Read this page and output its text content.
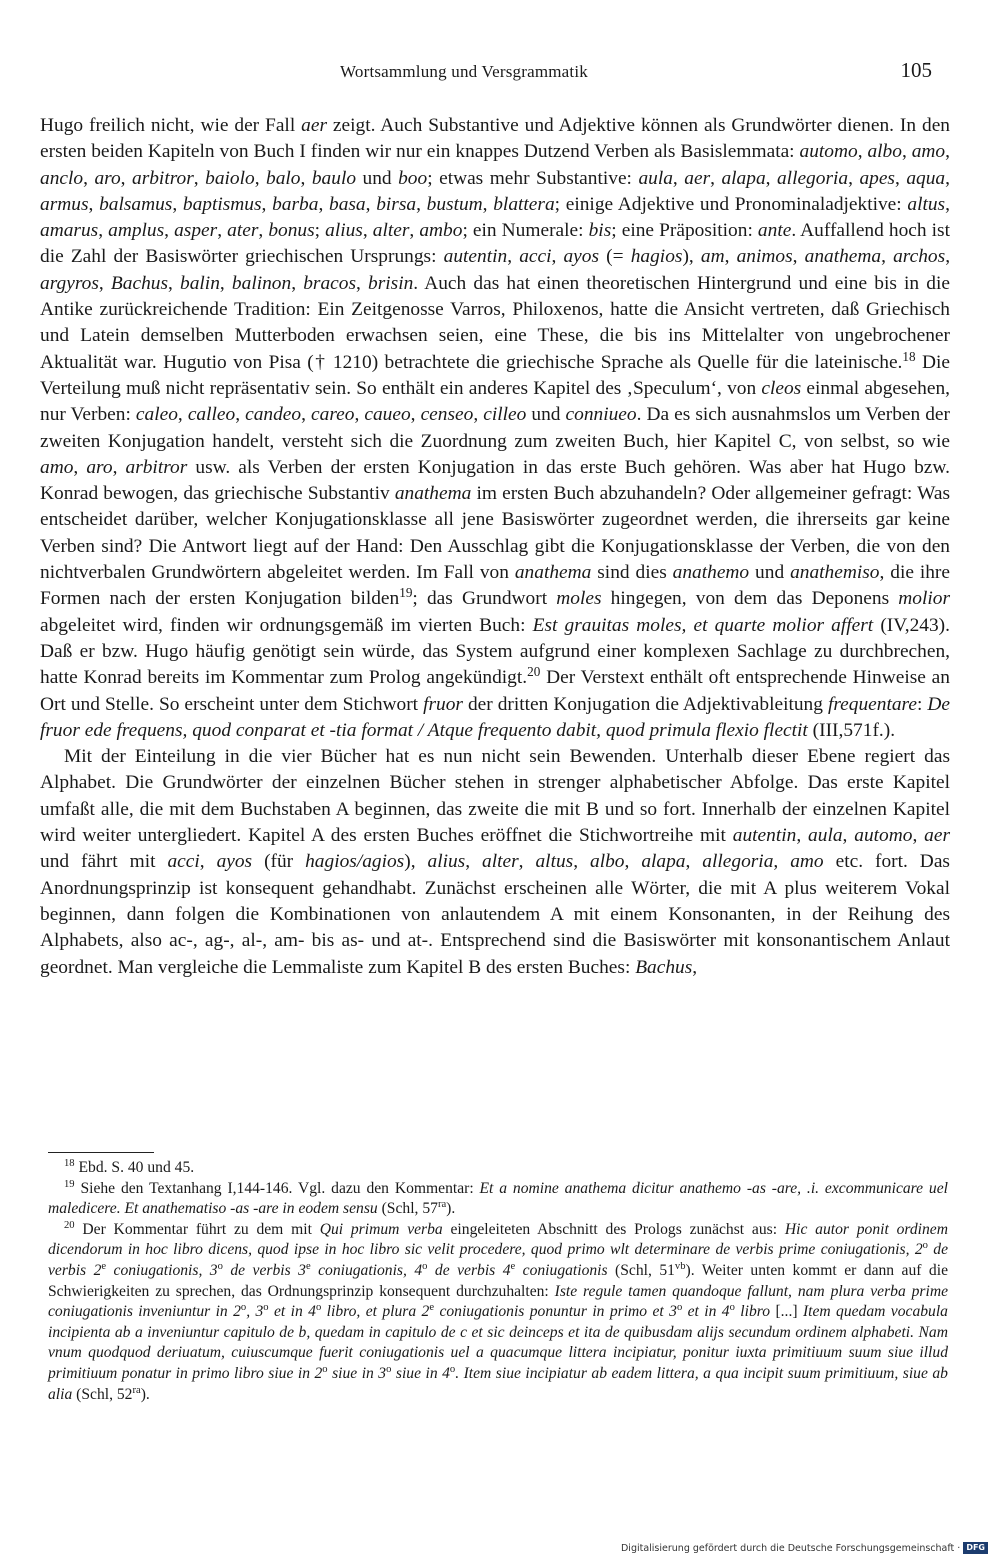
Wortsammlung und Versgrammatik	105

Hugo freilich nicht, wie der Fall aer zeigt. Auch Substantive und Adjektive können als Grundwörter dienen. In den ersten beiden Kapiteln von Buch I finden wir nur ein knappes Dutzend Verben als Basislemmata: automo, albo, amo, anclo, aro, arbitror, baiolo, balo, baulo und boo; etwas mehr Substantive: aula, aer, alapa, allegoria, apes, aqua, armus, balsamus, baptismus, barba, basa, birsa, bustum, blattera; einige Adjektive und Pronominaladjektive: altus, amarus, amplus, asper, ater, bonus; alius, alter, ambo; ein Numerale: bis; eine Präposition: ante. Auffallend hoch ist die Zahl der Basiswörter griechischen Ursprungs: autentin, acci, ayos (= hagios), am, animos, anathema, archos, argyros, Bachus, balin, balinon, bracos, brisin. Auch das hat einen theoretischen Hintergrund und eine bis in die Antike zurückreichende Tradition: Ein Zeitgenosse Varros, Philoxenos, hatte die Ansicht vertreten, daß Griechisch und Latein demselben Mutterboden erwachsen seien, eine These, die bis ins Mittelalter von ungebrochener Aktualität war. Hugutio von Pisa († 1210) betrachtete die griechische Sprache als Quelle für die lateinische.$^{18}$ Die Verteilung muß nicht repräsentativ sein. So enthält ein anderes Kapitel des ‚Speculum‘, von cleos einmal abgesehen, nur Verben: caleo, calleo, candeo, careo, caueo, censeo, cilleo und conniueo. Da es sich ausnahmslos um Verben der zweiten Konjugation handelt, versteht sich die Zuordnung zum zweiten Buch, hier Kapitel C, von selbst, so wie amo, aro, arbitror usw. als Verben der ersten Konjugation in das erste Buch gehören. Was aber hat Hugo bzw. Konrad bewogen, das griechische Substantiv anathema im ersten Buch abzuhandeln? Oder allgemeiner gefragt: Was entscheidet darüber, welcher Konjugationsklasse all jene Basiswörter zugeordnet werden, die ihrerseits gar keine Verben sind? Die Antwort liegt auf der Hand: Den Ausschlag gibt die Konjugationsklasse der Verben, die von den nichtverbalen Grundwörtern abgeleitet werden. Im Fall von anathema sind dies anathemo und anathemiso, die ihre Formen nach der ersten Konjugation bilden$^{19}$; das Grundwort moles hingegen, von dem das Deponens molior abgeleitet wird, finden wir ordnungsgemäß im vierten Buch: Est grauitas moles, et quarte molior affert (IV,243). Daß er bzw. Hugo häufig genötigt sein würde, das System aufgrund einer komplexen Sachlage zu durchbrechen, hatte Konrad bereits im Kommentar zum Prolog angekündigt.$^{20}$ Der Verstext enthält oft entsprechende Hinweise an Ort und Stelle. So erscheint unter dem Stichwort fruor der dritten Konjugation die Adjektivableitung frequentare: De fruor ede frequens, quod conparat et -tia format / Atque frequento dabit, quod primula flexio flectit (III,571f.).

Mit der Einteilung in die vier Bücher hat es nun nicht sein Bewenden. Unterhalb dieser Ebene regiert das Alphabet. Die Grundwörter der einzelnen Bücher stehen in strenger alphabetischer Abfolge. Das erste Kapitel umfaßt alle, die mit dem Buchstaben A beginnen, das zweite die mit B und so fort. Innerhalb der einzelnen Kapitel wird weiter untergliedert. Kapitel A des ersten Buches eröffnet die Stichwortreihe mit autentin, aula, automo, aer und fährt mit acci, ayos (für hagios/agios), alius, alter, altus, albo, alapa, allegoria, amo etc. fort. Das Anordnungsprinzip ist konsequent gehandhabt. Zunächst erscheinen alle Wörter, die mit A plus weiterem Vokal beginnen, dann folgen die Kombinationen von anlautendem A mit einem Konsonanten, in der Reihung des Alphabets, also ac-, ag-, al-, am- bis as- und at-. Entsprechend sind die Basiswörter mit konsonantischem Anlaut geordnet. Man vergleiche die Lemmaliste zum Kapitel B des ersten Buches: Bachus,

$^{18}$ Ebd. S. 40 und 45.

$^{19}$ Siehe den Textanhang I,144-146. Vgl. dazu den Kommentar: Et a nomine anathema dicitur anathemo -as -are, .i. excommunicare uel maledicere. Et anathematiso -as -are in eodem sensu (Schl, $57^{ra}$).

$^{20}$ Der Kommentar führt zu dem mit Qui primum verba eingeleiteten Abschnitt des Prologs zunächst aus: Hic autor ponit ordinem dicendorum in hoc libro dicens, quod ipse in hoc libro sic velit procedere, quod primo wlt determinare de verbis prime coniugationis, 2$^o$ de verbis 2e coniugationis, 3$^o$ de verbis 3e coniugationis, 4$^o$ de verbis 4e coniugationis (Schl, $51^{vb}$). Weiter unten kommt er dann auf die Schwierigkeiten zu sprechen, das Ordnungsprinzip konsequent durchzuhalten: Iste regule tamen quandoque fallunt, nam plura verba prime coniugationis inveniuntur in 2$^o$, 3$^o$ et in 4$^o$ libro, et plura 2e coniugationis ponuntur in primo et 3$^o$ et in 4$^o$ libro [...] Item quedam vocabula incipienta ab a inveniuntur capitulo de b, quedam in capitulo de c et sic deinceps et ita de quibusdam alijs secundum ordinem alphabeti. Nam vnum quodquod deriuatum, cuiuscumque fuerit coniugationis uel a quacumque littera incipiatur, ponitur iuxta primitiuum suum siue illud primitiuum ponatur in primo libro siue in 2$^o$ siue in 3$^o$ siue in 4$^o$. Item siue incipiatur ab eadem littera, a qua incipit suum primitiuum, siue ab alia (Schl, $52^{ra}$).

Digitalisierung gefördert durch die Deutsche Forschungsgemeinschaft · DFG
